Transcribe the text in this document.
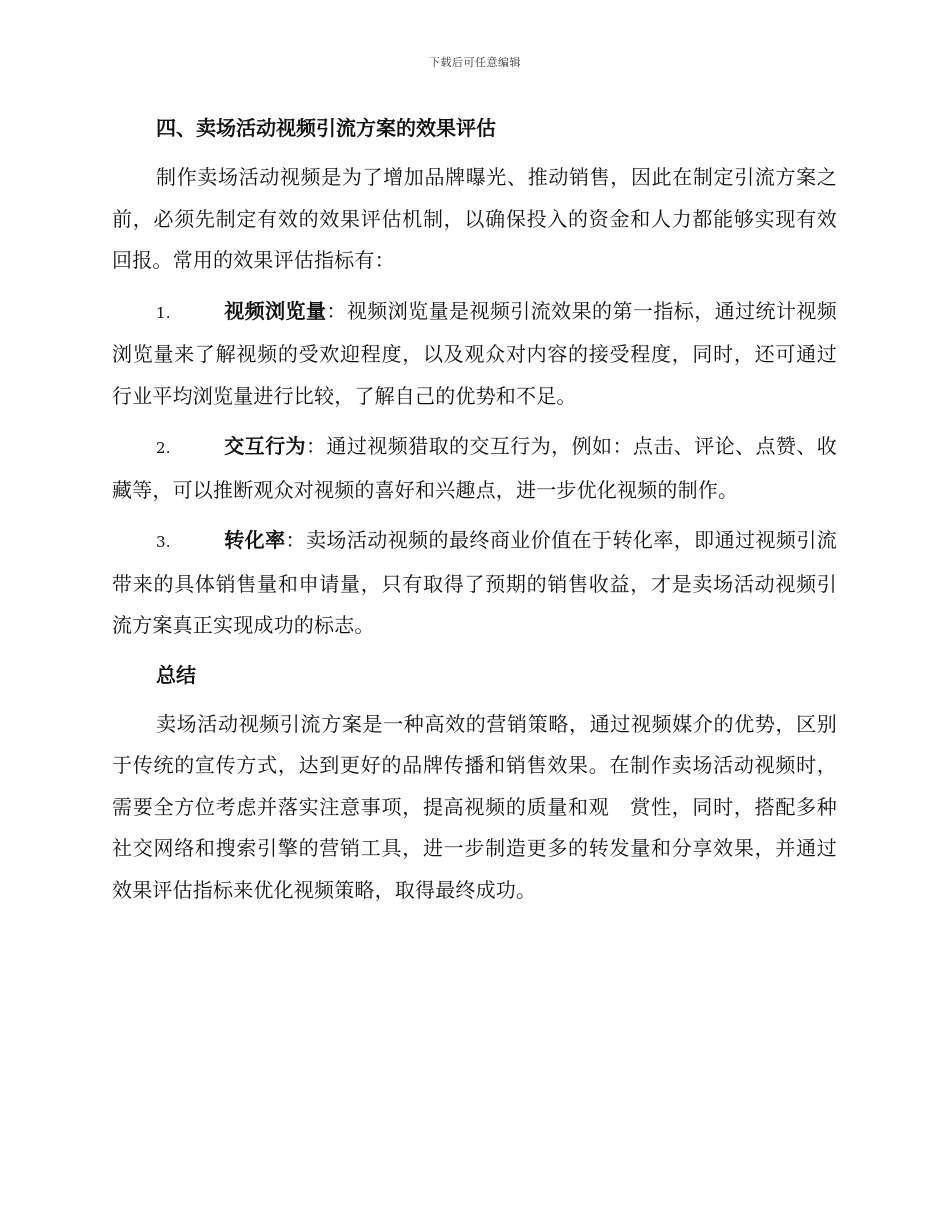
下载后可任意编辑
四、卖场活动视频引流方案的效果评估

制作卖场活动视频是为了增加品牌曝光、推动销售，因此在制定引流方案之前，必须先制定有效的效果评估机制，以确保投入的资金和人力都能够实现有效回报。常用的效果评估指标有：

1.	视频浏览量：视频浏览量是视频引流效果的第一指标，通过统计视频浏览量来了解视频的受欢迎程度，以及观众对内容的接受程度，同时，还可通过行业平均浏览量进行比较，了解自己的优势和不足。

2.	交互行为：通过视频猎取的交互行为，例如：点击、评论、点赞、收藏等，可以推断观众对视频的喜好和兴趣点，进一步优化视频的制作。

3.	转化率：卖场活动视频的最终商业价值在于转化率，即通过视频引流带来的具体销售量和申请量，只有取得了预期的销售收益，才是卖场活动视频引流方案真正实现成功的标志。

总结

卖场活动视频引流方案是一种高效的营销策略，通过视频媒介的优势，区别于传统的宣传方式，达到更好的品牌传播和销售效果。在制作卖场活动视频时，需要全方位考虑并落实注意事项，提高视频的质量和观　赏性，同时，搭配多种社交网络和搜索引擎的营销工具，进一步制造更多的转发量和分享效果，并通过效果评估指标来优化视频策略，取得最终成功。
